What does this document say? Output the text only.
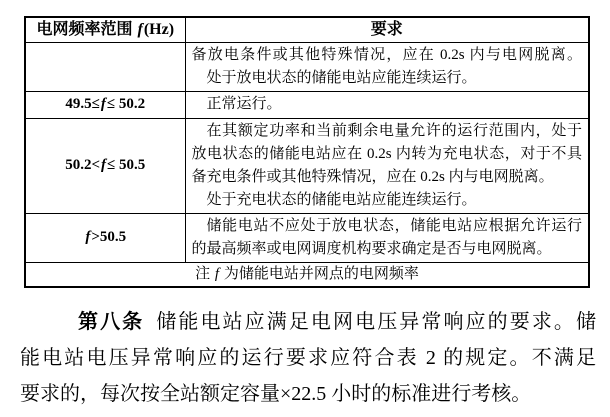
电网频率范围 f(Hz)	要求

	备放电条件或其他特殊情况，应在 0.2s 内与电网脱离。
处于放电状态的储能电站应能连续运行。

49.5≤f≤ 50.2	正常运行。

50.2<f≤ 50.5	在其额定功率和当前剩余电量允许的运行范围内，处于
放电状态的储能电站应在 0.2s 内转为充电状态，对于不具
备充电条件或其他特殊情况，应在 0.2s 内与电网脱离。
处于充电状态的储能电站应能连续运行。

f>50.5	储能电站不应处于放电状态，储能电站应根据允许运行
的最高频率或电网调度机构要求确定是否与电网脱离。

注 f 为储能电站并网点的电网频率	
第八条 储能电站应满足电网电压异常响应的要求。储
能电站电压异常响应的运行要求应符合表 2 的规定。不满足
要求的，每次按全站额定容量×22.5 小时的标准进行考核。
